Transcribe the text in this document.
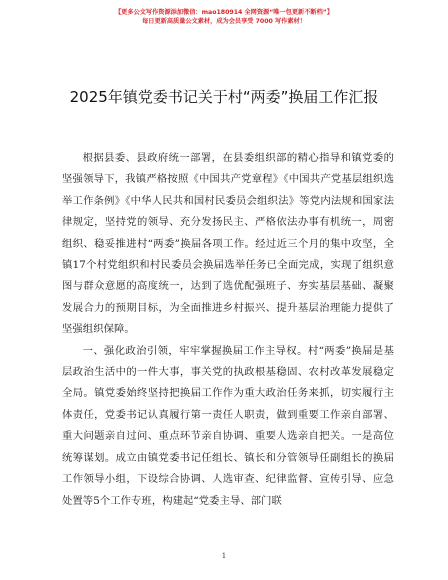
【更多公文写作资源添加微信：mao180914 全网资源“唯一包更新不断档”】
每日更新高质量公文素材，成为会员享受 7000 写作素材！
2025年镇党委书记关于村“两委”换届工作汇报

根据县委、县政府统一部署，在县委组织部的精心指导和镇党委的坚强领导下，我镇严格按照《中国共产党章程》《中国共产党基层组织选举工作条例》《中华人民共和国村民委员会组织法》等党内法规和国家法律规定，坚持党的领导、充分发扬民主、严格依法办事有机统一，周密组织、稳妥推进村“两委”换届各项工作。经过近三个月的集中攻坚，全镇17个村党组织和村民委员会换届选举任务已全面完成，实现了组织意图与群众意愿的高度统一，达到了选优配强班子、夯实基层基础、凝聚发展合力的预期目标，为全面推进乡村振兴、提升基层治理能力提供了坚强组织保障。

一、强化政治引领，牢牢掌握换届工作主导权。村“两委”换届是基层政治生活中的一件大事，事关党的执政根基稳固、农村改革发展稳定全局。镇党委始终坚持把换届工作作为重大政治任务来抓，切实履行主体责任，党委书记认真履行第一责任人职责，做到重要工作亲自部署、重大问题亲自过问、重点环节亲自协调、重要人选亲自把关。一是高位统筹谋划。成立由镇党委书记任组长、镇长和分管领导任副组长的换届工作领导小组，下设综合协调、人选审查、纪律监督、宣传引导、应急处置等5个工作专班，构建起“党委主导、部门联

1
